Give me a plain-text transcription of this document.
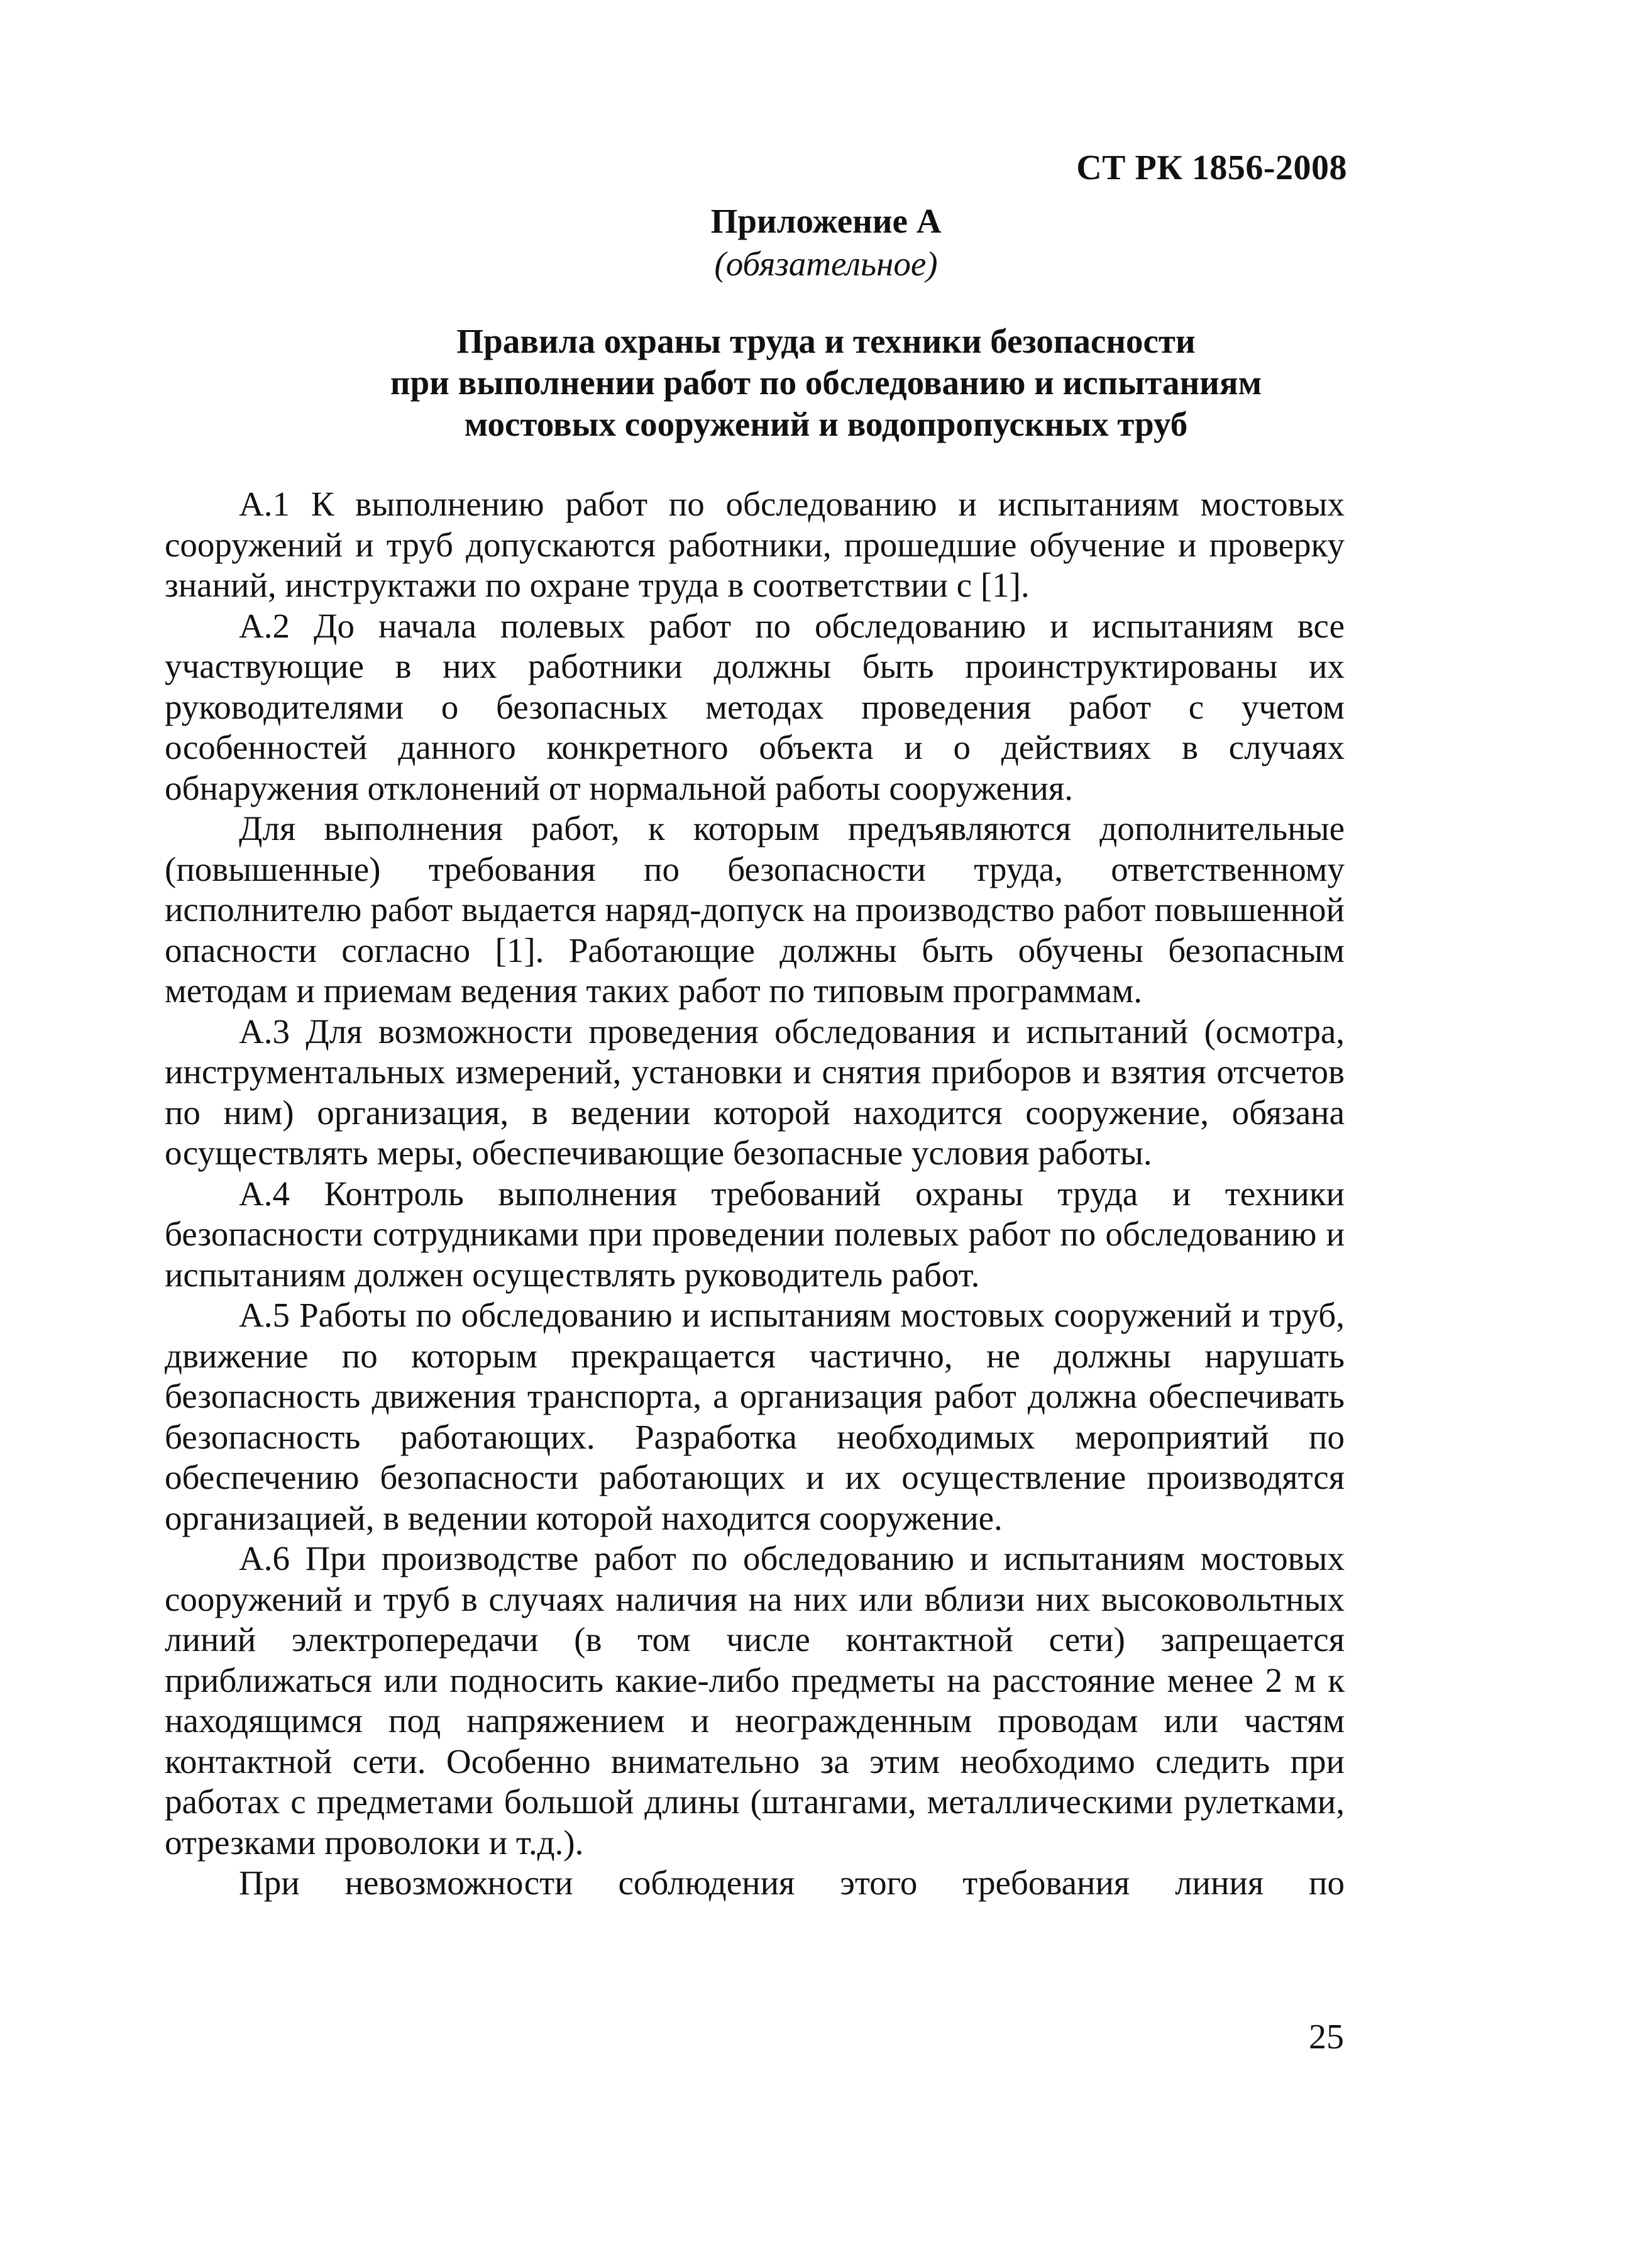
СТ РК 1856-2008
Приложение А
(обязательное)
Правила охраны труда и техники безопасности
при выполнении работ по обследованию и испытаниям
мостовых сооружений и водопропускных труб

А.1 К выполнению работ по обследованию и испытаниям мостовых сооружений и труб допускаются работники, прошедшие обучение и проверку знаний, инструктажи по охране труда в соответствии с [1].

А.2 До начала полевых работ по обследованию и испытаниям все участвующие в них работники должны быть проинструктированы их руководителями о безопасных методах проведения работ с учетом особенностей данного конкретного объекта и о действиях в случаях обнаружения отклонений от нормальной работы сооружения.

Для выполнения работ, к которым предъявляются дополнительные (повышенные) требования по безопасности труда, ответственному исполнителю работ выдается наряд-допуск на производство работ повышенной опасности согласно [1]. Работающие должны быть обучены безопасным методам и приемам ведения таких работ по типовым программам.

А.3 Для возможности проведения обследования и испытаний (осмотра, инструментальных измерений, установки и снятия приборов и взятия отсчетов по ним) организация, в ведении которой находится сооружение, обязана осуществлять меры, обеспечивающие безопасные условия работы.

А.4 Контроль выполнения требований охраны труда и техники безопасности сотрудниками при проведении полевых работ по обследованию и испытаниям должен осуществлять руководитель работ.

А.5 Работы по обследованию и испытаниям мостовых сооружений и труб, движение по которым прекращается частично, не должны нарушать безопасность движения транспорта, а организация работ должна обеспечивать безопасность работающих. Разработка необходимых мероприятий по обеспечению безопасности работающих и их осуществление производятся организацией, в ведении которой находится сооружение.

А.6 При производстве работ по обследованию и испытаниям мостовых сооружений и труб в случаях наличия на них или вблизи них высоковольтных линий электропередачи (в том числе контактной сети) запрещается приближаться или подносить какие-либо предметы на расстояние менее 2 м к находящимся под напряжением и неогражденным проводам или частям контактной сети. Особенно внимательно за этим необходимо следить при работах с предметами большой длины (штангами, металлическими рулетками, отрезками проволоки и т.д.).

При невозможности соблюдения этого требования линия по

25
